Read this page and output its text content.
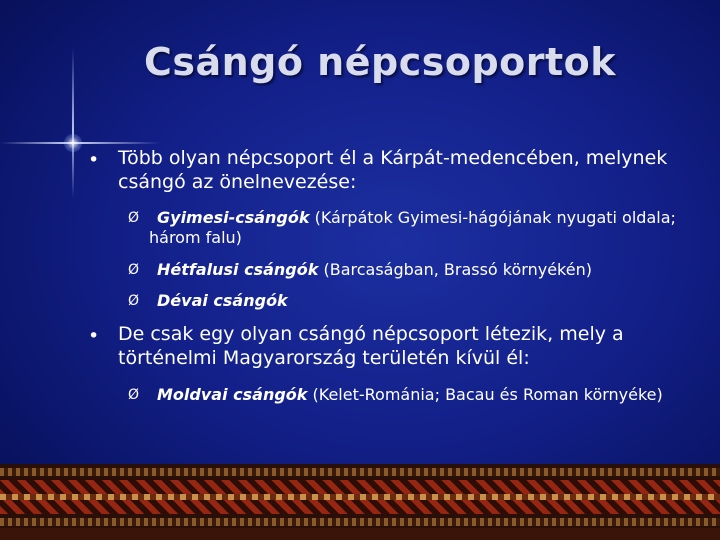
Csángó népcsoportok
• Több olyan népcsoport él a Kárpát-medencében, melynek csángó az önelnevezése:
Ø	Gyimesi-csángók (Kárpátok Gyimesi-hágójának nyugati oldala; három falu)
Ø	Hétfalusi csángók (Barcaságban, Brassó környékén)
Ø	Dévai csángók
• De csak egy olyan csángó népcsoport létezik, mely a történelmi Magyarország területén kívül él:
Ø	Moldvai csángók (Kelet-Románia; Bacau és Roman környéke)
